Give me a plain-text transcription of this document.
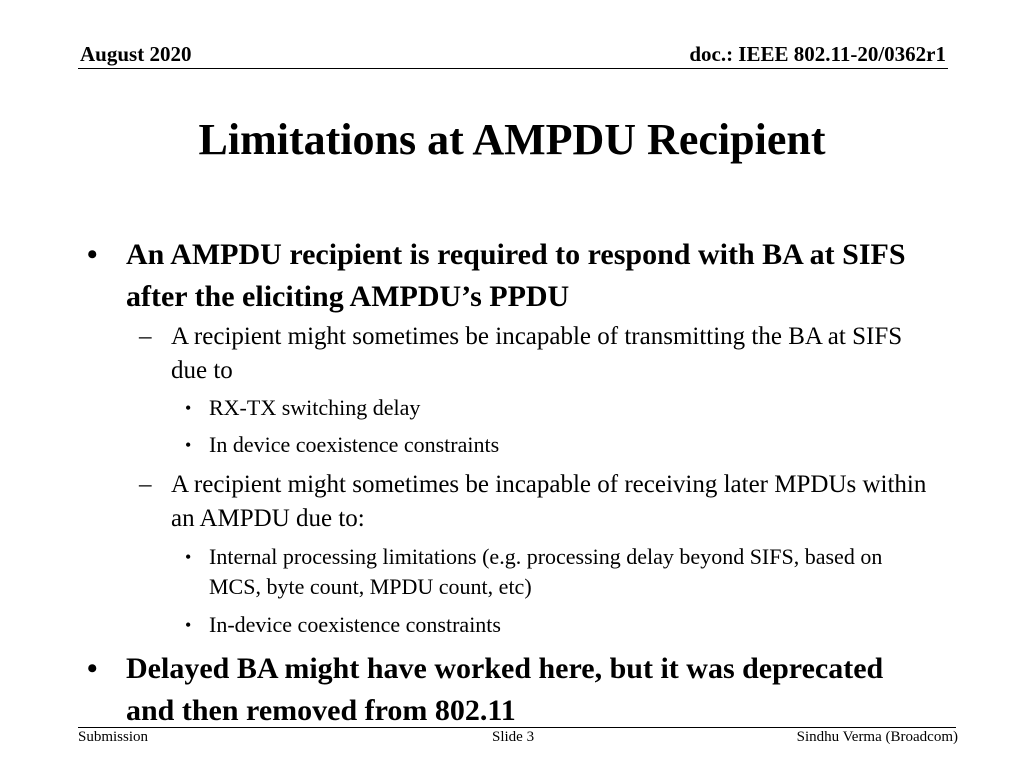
August 2020	doc.: IEEE 802.11-20/0362r1
Limitations at AMPDU Recipient
• An AMPDU recipient is required to respond with BA at SIFS after the eliciting AMPDU’s PPDU
– A recipient might sometimes be incapable of transmitting the BA at SIFS due to
• RX-TX switching delay
• In device coexistence constraints
– A recipient might sometimes be incapable of receiving later MPDUs within an AMPDU due to:
• Internal processing limitations (e.g. processing delay beyond SIFS, based on MCS, byte count, MPDU count, etc)
• In-device coexistence constraints
• Delayed BA might have worked here, but it was deprecated and then removed from 802.11
Submission	Slide 3	Sindhu Verma (Broadcom)
